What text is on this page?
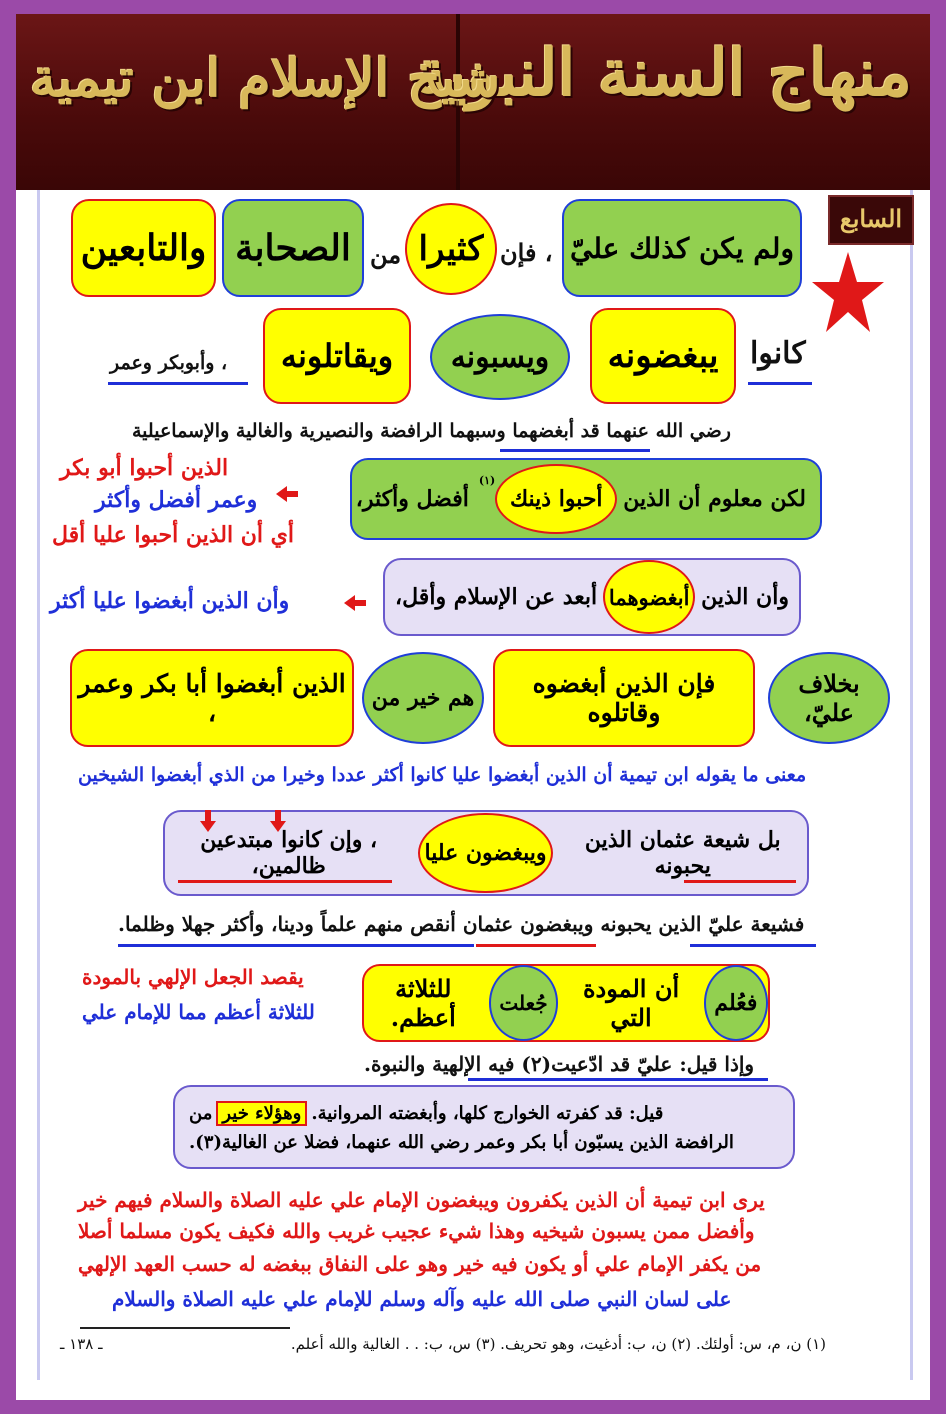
منهاج السنة النبوية
شيخ الإسلام ابن تيمية
السابع
ولم يكن كذلك عليّ
، فإن
كثيرا
من
الصحابة
والتابعين
كانوا
يبغضونه
ويسبونه
ويقاتلونه
، وأبوبكر وعمر
رضي الله عنهما قد أبغضهما وسبهما الرافضة والنصيرية والغالية والإسماعيلية
لكن معلوم أن الذين
أحبوا ذينك
(١)
أفضل وأكثر،
الذين أحبوا أبو بكر
وعمر أفضل وأكثر
أي أن الذين أحبوا عليا أقل
وأن الذين
أبغضوهما
أبعد عن الإسلام وأقل،
وأن الذين أبغضوا عليا أكثر
بخلاف عليّ،
فإن الذين أبغضوه وقاتلوه
هم خير من
الذين أبغضوا أبا بكر وعمر ،
معنى ما يقوله ابن تيمية أن الذين أبغضوا عليا كانوا أكثر عددا وخيرا من الذي أبغضوا الشيخين
بل شيعة عثمان الذين يحبونه
ويبغضون عليا
، وإن كانوا مبتدعين ظالمين،
فشيعة عليّ الذين يحبونه ويبغضون عثمان أنقص منهم علماً ودينا، وأكثر جهلا وظلما.
فعُلم
أن المودة التي
جُعلت
للثلاثة أعظم.
يقصد الجعل الإلهي بالمودة
للثلاثة أعظم مما للإمام علي
وإذا قيل: عليّ قد ادّعيت(٢) فيه الإلهية والنبوة.
قيل: قد كفرته الخوارج كلها، وأبغضته المروانية.
وهؤلاء خير
من
الرافضة الذين يسبّون أبا بكر وعمر رضي الله عنهما، فضلا عن الغالية(٣).
يرى ابن تيمية أن الذين يكفرون ويبغضون الإمام علي عليه الصلاة والسلام فيهم خير
وأفضل ممن يسبون شيخيه وهذا شيء عجيب غريب والله فكيف يكون مسلما أصلا
من يكفر الإمام علي أو يكون فيه خير وهو على النفاق ببغضه له حسب العهد الإلهي
على لسان النبي صلى الله عليه وآله وسلم للإمام علي عليه الصلاة والسلام
(١) ن، م، س: أولئك. (٢) ن، ب: أدغيت، وهو تحريف. (٣) س، ب: . . الغالية والله أعلم.
ـ ١٣٨ ـ
